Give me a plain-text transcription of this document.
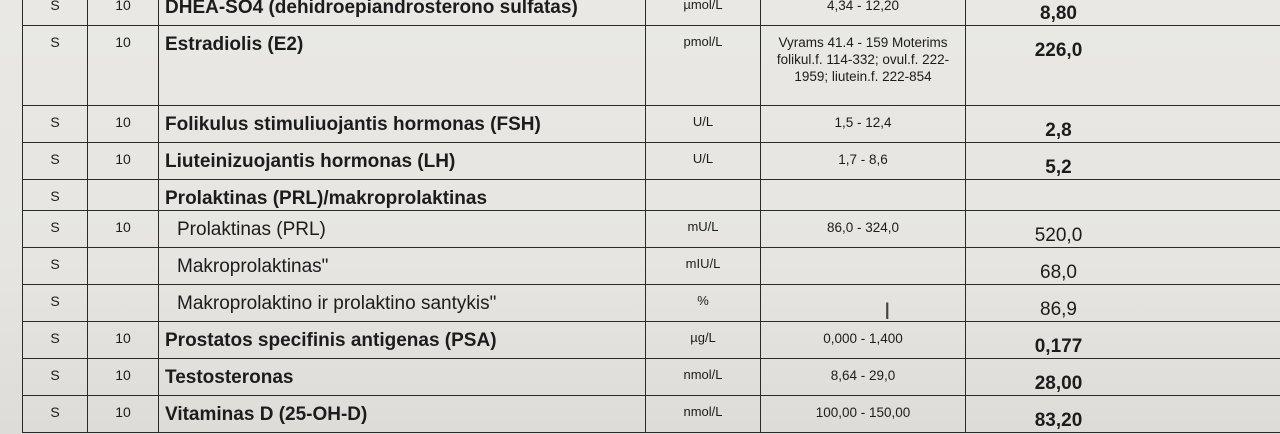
S	10	DHEA-SO4 (dehidroepiandrosterono sulfatas)	µmol/L	4,34 - 12,20	8,80

S	10	Estradiolis (E2)	pmol/L	Vyrams 41.4 - 159 Moterims folikul.f. 114-332; ovul.f. 222-1959; liutein.f. 222-854	226,0

S	10	Folikulus stimuliuojantis hormonas (FSH)	U/L	1,5 - 12,4	2,8

S	10	Liuteinizuojantis hormonas (LH)	U/L	1,7 - 8,6	5,2

S		Prolaktinas (PRL)/makroprolaktinas			

S	10	Prolaktinas (PRL)	mU/L	86,0 - 324,0	520,0

S		Makroprolaktinas"	mIU/L		68,0

S		Makroprolaktino ir prolaktino santykis"	%		86,9

S	10	Prostatos specifinis antigenas (PSA)	µg/L	0,000 - 1,400	0,177

S	10	Testosteronas	nmol/L	8,64 - 29,0	28,00

S	10	Vitaminas D (25-OH-D)	nmol/L	100,00 - 150,00	83,20
I
